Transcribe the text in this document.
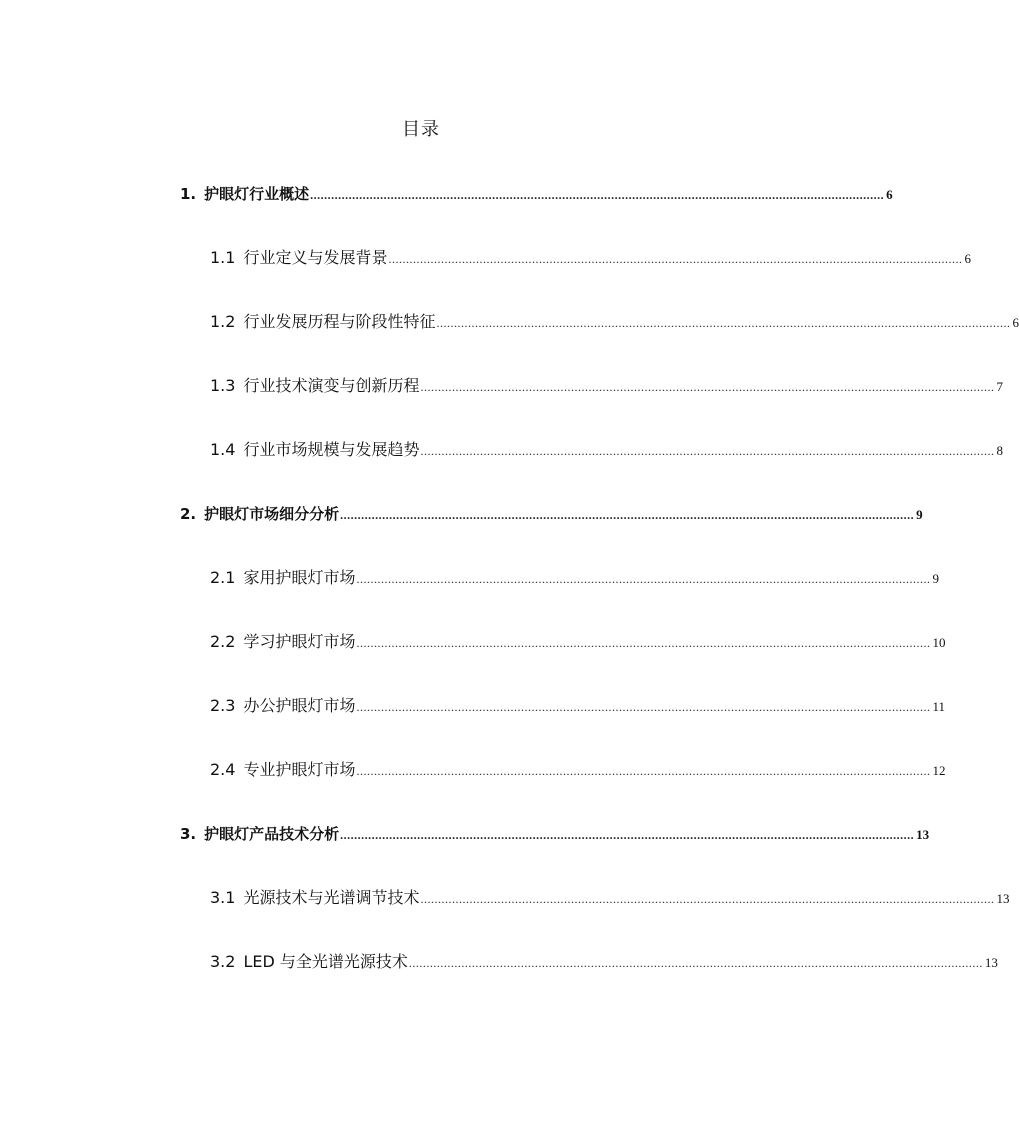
目录
1. 护眼灯行业概述 .................................................................................................................................................................... 6
1.1 行业定义与发展背景 .................................................................................................................................................................... 6
1.2 行业发展历程与阶段性特征 .................................................................................................................................................................... 6
1.3 行业技术演变与创新历程 .................................................................................................................................................................... 7
1.4 行业市场规模与发展趋势 .................................................................................................................................................................... 8
2. 护眼灯市场细分分析 .................................................................................................................................................................... 9
2.1 家用护眼灯市场 .................................................................................................................................................................... 9
2.2 学习护眼灯市场 .................................................................................................................................................................... 10
2.3 办公护眼灯市场 .................................................................................................................................................................... 11
2.4 专业护眼灯市场 .................................................................................................................................................................... 12
3. 护眼灯产品技术分析 .................................................................................................................................................................... 13
3.1 光源技术与光谱调节技术 .................................................................................................................................................................... 13
3.2 LED 与全光谱光源技术 .................................................................................................................................................................... 13
